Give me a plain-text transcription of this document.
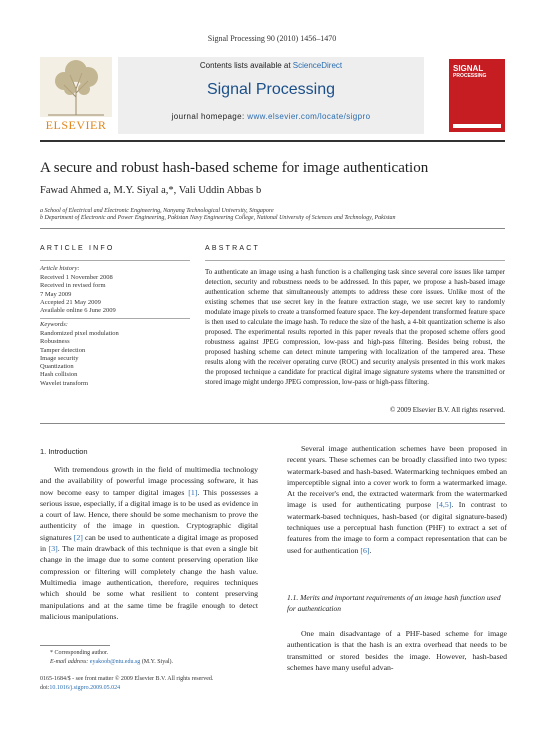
Signal Processing 90 (2010) 1456–1470
ELSEVIER
Contents lists available at ScienceDirect
Signal Processing
journal homepage: www.elsevier.com/locate/sigpro
SIGNAL
PROCESSING
A secure and robust hash-based scheme for image authentication
Fawad Ahmed a, M.Y. Siyal a,*, Vali Uddin Abbas b
a School of Electrical and Electronic Engineering, Nanyang Technological University, Singapore
b Department of Electronic and Power Engineering, Pakistan Navy Engineering College, National University of Sciences and Technology, Pakistan
ARTICLE INFO
Article history:
Received 1 November 2008
Received in revised form
7 May 2009
Accepted 21 May 2009
Available online 6 June 2009
Keywords:
Randomized pixel modulation
Robustness
Tamper detection
Image security
Quantization
Hash collision
Wavelet transform
ABSTRACT
To authenticate an image using a hash function is a challenging task since several core issues like tamper detection, security and robustness needs to be addressed. In this paper, we propose a hash-based image authentication scheme that simultaneously attempts to address these core issues. Unlike most of the existing schemes that use secret key in the feature extraction stage, we use secret key to randomly modulate image pixels to create a transformed feature space. The key-dependent transformed feature space is then used to calculate the image hash. To reduce the size of the hash, a 4-bit quantization scheme is also proposed. The experimental results reported in this paper reveals that the proposed scheme offers good robustness against JPEG compression, low-pass and high-pass filtering. Besides being robust, the proposed hashing scheme can detect minute tampering with localization of the tampered area. These results along with the receiver operating curve (ROC) and security analysis presented in this work makes the proposed technique a candidate for practical digital image signature systems where the transmitted or stored image might undergo JPEG compression, low-pass or high-pass filtering.
© 2009 Elsevier B.V. All rights reserved.
1. Introduction
With tremendous growth in the field of multimedia technology and the availability of powerful image processing software, it has now become easy to tamper digital images [1]. This possesses a serious issue, especially, if a digital image is to be used as evidence in a court of law. Hence, there should be some mechanism to prove the authenticity of the image in question. Cryptographic digital signatures [2] can be used to authenticate a digital image as proposed in [3]. The main drawback of this technique is that even a single bit change in the image due to some content preserving operation like compression or filtering will completely change the hash value. Multimedia image authentication, therefore, requires techniques which should be some what resilient to content preserving manipulations and at the same time be fragile enough to detect malicious manipulations.
Several image authentication schemes have been proposed in recent years. These schemes can be broadly classified into two types: watermark-based and hash-based. Watermarking techniques embed an imperceptible signal into a cover work to form a watermarked image. At the receiver's end, the extracted watermark from the watermarked image is used for authenticating purpose [4,5]. In contrast to watermark-based techniques, hash-based (or digital signature-based) techniques use a perceptual hash function (PHF) to extract a set of features from the image to form a compact representation that can be used for authentication [6].
1.1. Merits and important requirements of an image hash function used for authentication
One main disadvantage of a PHF-based scheme for image authentication is that the hash is an extra overhead that needs to be transmitted or stored besides the image. However, hash-based schemes have many useful advan-
* Corresponding author.
E-mail address: eyakoob@ntu.edu.sg (M.Y. Siyal).
0165-1684/$ - see front matter © 2009 Elsevier B.V. All rights reserved.
doi:10.1016/j.sigpro.2009.05.024
